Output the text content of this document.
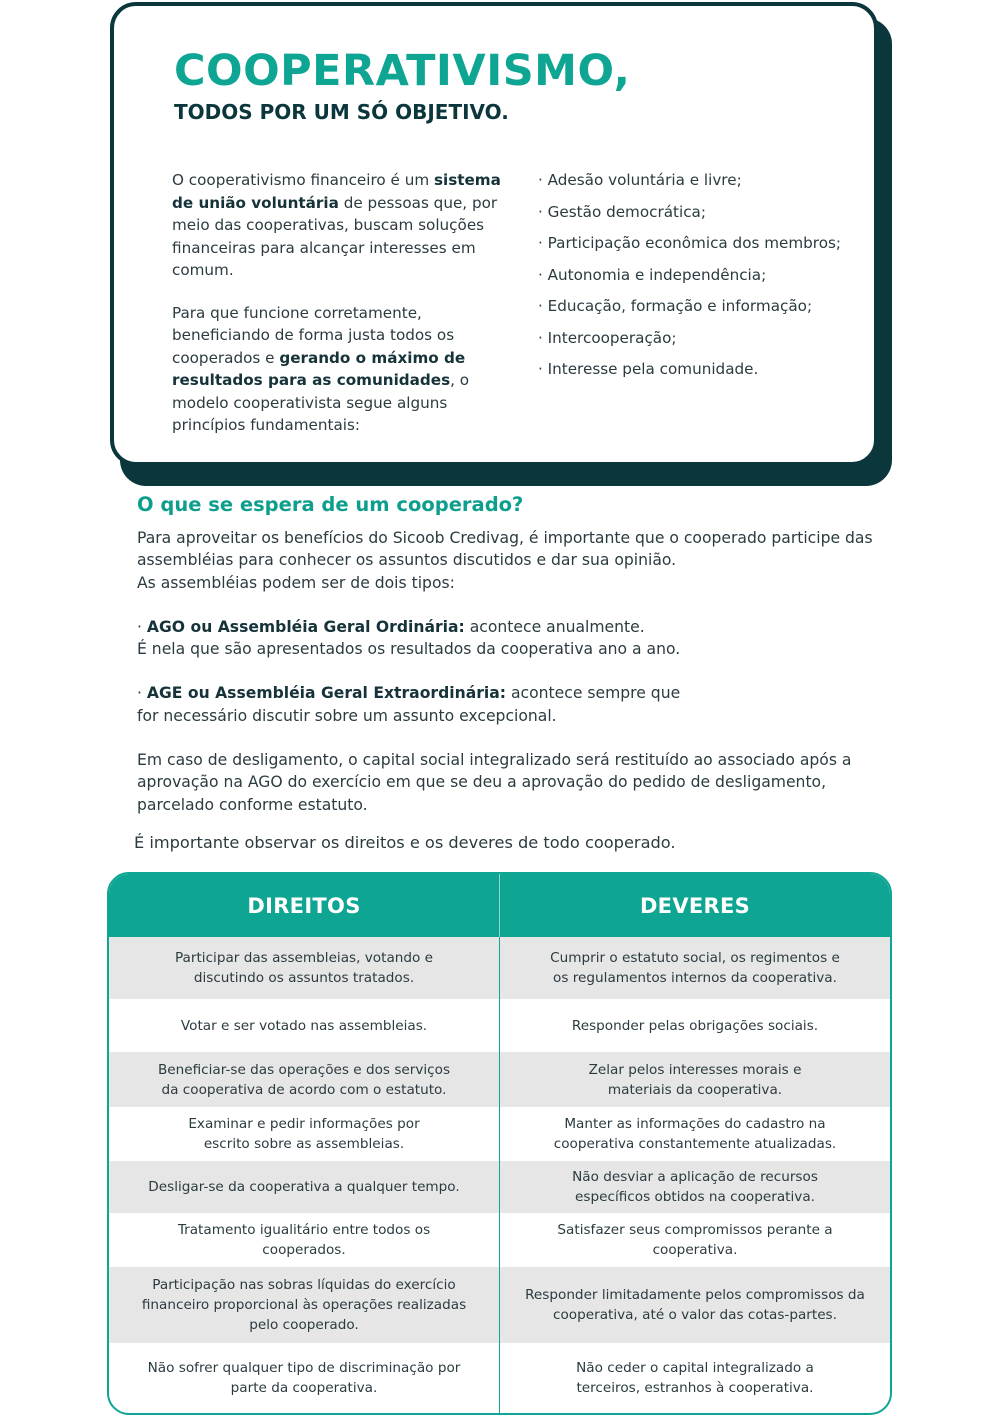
COOPERATIVISMO,
TODOS POR UM SÓ OBJETIVO.

O cooperativismo financeiro é um sistema de união voluntária de pessoas que, por meio das cooperativas, buscam soluções financeiras para alcançar interesses em comum.

Para que funcione corretamente, beneficiando de forma justa todos os cooperados e gerando o máximo de resultados para as comunidades, o modelo cooperativista segue alguns princípios fundamentais:

· Adesão voluntária e livre;
· Gestão democrática;
· Participação econômica dos membros;
· Autonomia e independência;
· Educação, formação e informação;
· Intercooperação;
· Interesse pela comunidade.
O que se espera de um cooperado?

Para aproveitar os benefícios do Sicoob Credivag, é importante que o cooperado participe das assembléias para conhecer os assuntos discutidos e dar sua opinião.
As assembléias podem ser de dois tipos:

· AGO ou Assembléia Geral Ordinária: acontece anualmente.
É nela que são apresentados os resultados da cooperativa ano a ano.

· AGE ou Assembléia Geral Extraordinária: acontece sempre que
for necessário discutir sobre um assunto excepcional.

Em caso de desligamento, o capital social integralizado será restituído ao associado após a aprovação na AGO do exercício em que se deu a aprovação do pedido de desligamento, parcelado conforme estatuto.

É importante observar os direitos e os deveres de todo cooperado.
DIREITOS	DEVERES
Participar das assembleias, votando e
discutindo os assuntos tratados.
Cumprir o estatuto social, os regimentos e
os regulamentos internos da cooperativa.
Votar e ser votado nas assembleias.	Responder pelas obrigações sociais.
Beneficiar-se das operações e dos serviços
da cooperativa de acordo com o estatuto.
Zelar pelos interesses morais e
materiais da cooperativa.
Examinar e pedir informações por
escrito sobre as assembleias.
Manter as informações do cadastro na
cooperativa constantemente atualizadas.
Desligar-se da cooperativa a qualquer tempo.
Não desviar a aplicação de recursos
específicos obtidos na cooperativa.
Tratamento igualitário entre todos os
cooperados.
Satisfazer seus compromissos perante a cooperativa.
Participação nas sobras líquidas do exercício
financeiro proporcional às operações realizadas
pelo cooperado.
Responder limitadamente pelos compromissos da
cooperativa, até o valor das cotas-partes.
Não sofrer qualquer tipo de discriminação por
parte da cooperativa.
Não ceder o capital integralizado a
terceiros, estranhos à cooperativa.
